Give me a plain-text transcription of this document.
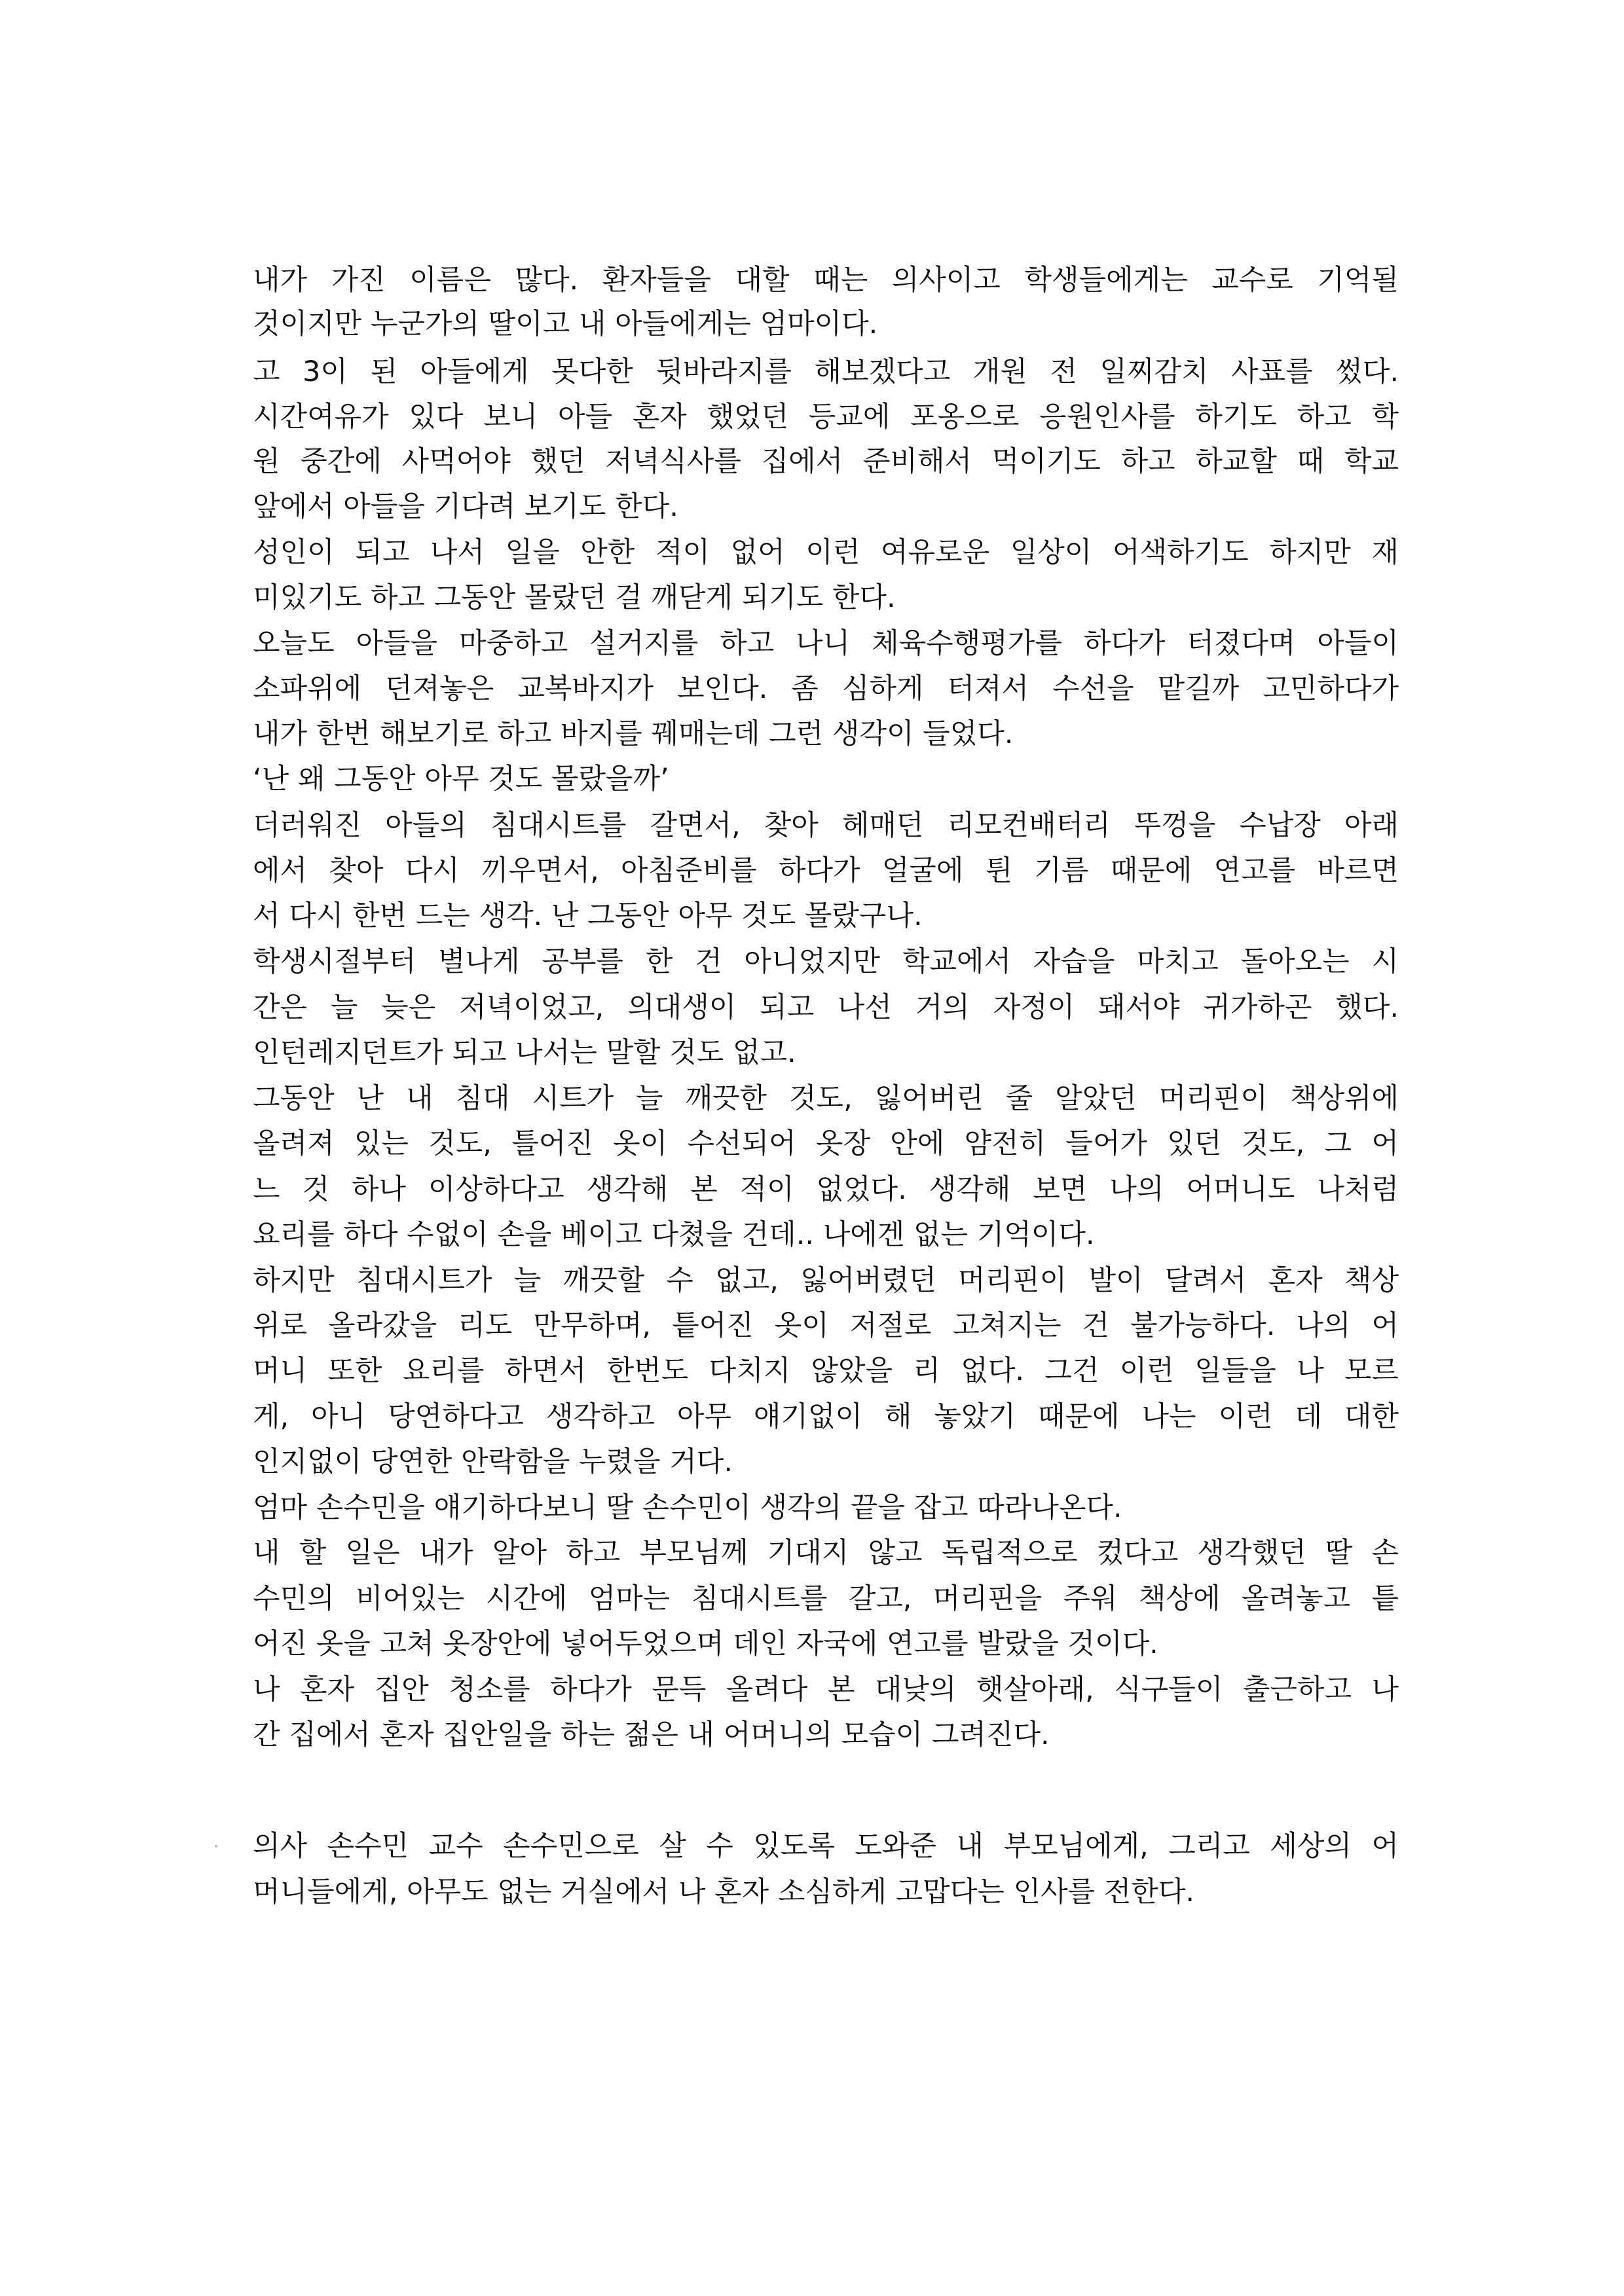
내가 가진 이름은 많다. 환자들을 대할 때는 의사이고 학생들에게는 교수로 기억될
것이지만 누군가의 딸이고 내 아들에게는 엄마이다.
고 3이 된 아들에게 못다한 뒷바라지를 해보겠다고 개원 전 일찌감치 사표를 썼다.
시간여유가 있다 보니 아들 혼자 했었던 등교에 포옹으로 응원인사를 하기도 하고 학
원 중간에 사먹어야 했던 저녁식사를 집에서 준비해서 먹이기도 하고 하교할 때 학교
앞에서 아들을 기다려 보기도 한다.
성인이 되고 나서 일을 안한 적이 없어 이런 여유로운 일상이 어색하기도 하지만 재
미있기도 하고 그동안 몰랐던 걸 깨닫게 되기도 한다.
오늘도 아들을 마중하고 설거지를 하고 나니 체육수행평가를 하다가 터졌다며 아들이
소파위에 던져놓은 교복바지가 보인다. 좀 심하게 터져서 수선을 맡길까 고민하다가
내가 한번 해보기로 하고 바지를 꿰매는데 그런 생각이 들었다.
‘난 왜 그동안 아무 것도 몰랐을까’
더러워진 아들의 침대시트를 갈면서, 찾아 헤매던 리모컨배터리 뚜껑을 수납장 아래
에서 찾아 다시 끼우면서, 아침준비를 하다가 얼굴에 튄 기름 때문에 연고를 바르면
서 다시 한번 드는 생각. 난 그동안 아무 것도 몰랐구나.
학생시절부터 별나게 공부를 한 건 아니었지만 학교에서 자습을 마치고 돌아오는 시
간은 늘 늦은 저녁이었고, 의대생이 되고 나선 거의 자정이 돼서야 귀가하곤 했다.
인턴레지던트가 되고 나서는 말할 것도 없고.
그동안 난 내 침대 시트가 늘 깨끗한 것도, 잃어버린 줄 알았던 머리핀이 책상위에
올려져 있는 것도, 틀어진 옷이 수선되어 옷장 안에 얌전히 들어가 있던 것도, 그 어
느 것 하나 이상하다고 생각해 본 적이 없었다. 생각해 보면 나의 어머니도 나처럼
요리를 하다 수없이 손을 베이고 다쳤을 건데.. 나에겐 없는 기억이다.
하지만 침대시트가 늘 깨끗할 수 없고, 잃어버렸던 머리핀이 발이 달려서 혼자 책상
위로 올라갔을 리도 만무하며, 틑어진 옷이 저절로 고쳐지는 건 불가능하다. 나의 어
머니 또한 요리를 하면서 한번도 다치지 않았을 리 없다. 그건 이런 일들을 나 모르
게, 아니 당연하다고 생각하고 아무 얘기없이 해 놓았기 때문에 나는 이런 데 대한
인지없이 당연한 안락함을 누렸을 거다.
엄마 손수민을 얘기하다보니 딸 손수민이 생각의 끝을 잡고 따라나온다.
내 할 일은 내가 알아 하고 부모님께 기대지 않고 독립적으로 컸다고 생각했던 딸 손
수민의 비어있는 시간에 엄마는 침대시트를 갈고, 머리핀을 주워 책상에 올려놓고 틑
어진 옷을 고쳐 옷장안에 넣어두었으며 데인 자국에 연고를 발랐을 것이다.
나 혼자 집안 청소를 하다가 문득 올려다 본 대낮의 햇살아래, 식구들이 출근하고 나
간 집에서 혼자 집안일을 하는 젊은 내 어머니의 모습이 그려진다.
의사 손수민 교수 손수민으로 살 수 있도록 도와준 내 부모님에게, 그리고 세상의 어
머니들에게, 아무도 없는 거실에서 나 혼자 소심하게 고맙다는 인사를 전한다.
